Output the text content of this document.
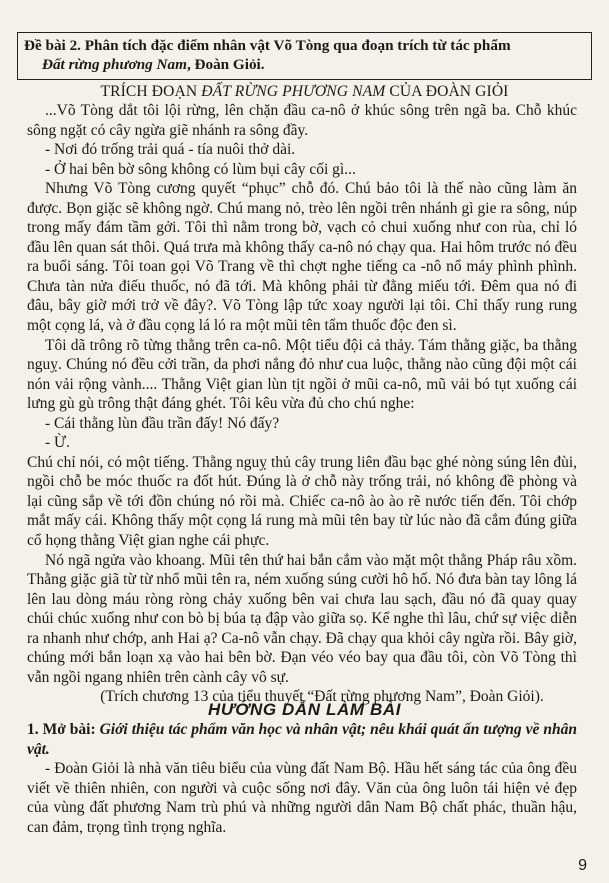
Đề bài 2. Phân tích đặc điểm nhân vật Võ Tòng qua đoạn trích từ tác phẩm
Đất rừng phương Nam, Đoàn Giỏi.
TRÍCH ĐOẠN ĐẤT RỪNG PHƯƠNG NAM CỦA ĐOÀN GIỎI

...Võ Tòng dắt tôi lội rừng, lên chặn đầu ca-nô ở khúc sông trên ngã ba. Chỗ khúc sông ngặt có cây ngừa giẽ nhánh ra sông đầy.

- Nơi đó trống trải quá - tía nuôi thở dài.

- Ở hai bên bờ sông không có lùm bụi cây cối gì...

Nhưng Võ Tòng cương quyết “phục” chỗ đó. Chú bảo tôi là thế nào cũng làm ăn được. Bọn giặc sẽ không ngờ. Chú mang nỏ, trèo lên ngồi trên nhánh gì gie ra sông, núp trong mấy đám tầm gởi. Tôi thì nằm trong bờ, vạch cỏ chui xuống như con rùa, chỉ ló đầu lên quan sát thôi. Quá trưa mà không thấy ca-nô nó chạy qua. Hai hôm trước nó đều ra buổi sáng. Tôi toan gọi Võ Trang về thì chợt nghe tiếng ca -nô nổ máy phình phình. Chưa tàn nửa điếu thuốc, nó đã tới. Mà không phải từ đằng miếu tới. Đêm qua nó đi đâu, bây giờ mới trở về đây?. Võ Tòng lập tức xoay người lại tôi. Chỉ thấy rung rung một cọng lá, và ở đầu cọng lá ló ra một mũi tên tẩm thuốc độc đen sì.

Tôi dã trông rõ từng thằng trên ca-nô. Một tiểu đội cả thảy. Tám thằng giặc, ba thằng nguỵ. Chúng nó đều cởi trần, da phơi nắng đỏ như cua luộc, thằng nào cũng đội một cái nón vải rộng vành.... Thằng Việt gian lùn tịt ngồi ở mũi ca-nô, mũ vải bó tụt xuống cái lưng gù gù trông thật đáng ghét. Tôi kêu vừa đủ cho chú nghe:

- Cái thằng lùn đầu trần đấy! Nó đấy?

- Ừ.

Chú chỉ nói, có một tiếng. Thằng nguỵ thủ cây trung liên đầu bạc ghé nòng súng lên đùi, ngồi chỗ be móc thuốc ra đốt hút. Đúng là ở chỗ này trống trải, nó không đề phòng và lại cũng sắp về tới đồn chúng nó rồi mà. Chiếc ca-nô ào ào rẽ nước tiến đến. Tôi chớp mắt mấy cái. Không thấy một cọng lá rung mà mũi tên bay từ lúc nào đã cắm đúng giữa cổ họng thằng Việt gian nghe cái phực.

Nó ngã ngửa vào khoang. Mũi tên thứ hai bắn cắm vào mặt một thằng Pháp râu xồm. Thằng giặc giã từ từ nhổ mũi tên ra, ném xuống súng cười hô hố. Nó đưa bàn tay lông lá lên lau dòng máu ròng ròng chảy xuống bên vai chưa lau sạch, đầu nó đã quay quay chúi chúc xuống như con bò bị búa tạ đập vào giữa sọ. Kể nghe thì lâu, chứ sự việc diễn ra nhanh như chớp, anh Hai ạ? Ca-nô vẫn chạy. Đã chạy qua khỏi cây ngừa rồi. Bây giờ, chúng mới bắn loạn xạ vào hai bên bờ. Đạn véo véo bay qua đầu tôi, còn Võ Tòng thì vẫn ngồi ngang nhiên trên cành cây vô sự.

(Trích chương 13 của tiểu thuyết “Đất rừng phương Nam”, Đoàn Giỏi).

HƯỚNG DẪN LÀM BÀI

1. Mở bài: Giới thiệu tác phẩm văn học và nhân vật; nêu khái quát ấn tượng về nhân vật.

- Đoàn Giỏi là nhà văn tiêu biểu của vùng đất Nam Bộ. Hầu hết sáng tác của ông đều viết về thiên nhiên, con người và cuộc sống nơi đây. Văn của ông luôn tái hiện vẻ đẹp của vùng đất phương Nam trù phú và những người dân Nam Bộ chất phác, thuần hậu, can đảm, trọng tình trọng nghĩa.

9
